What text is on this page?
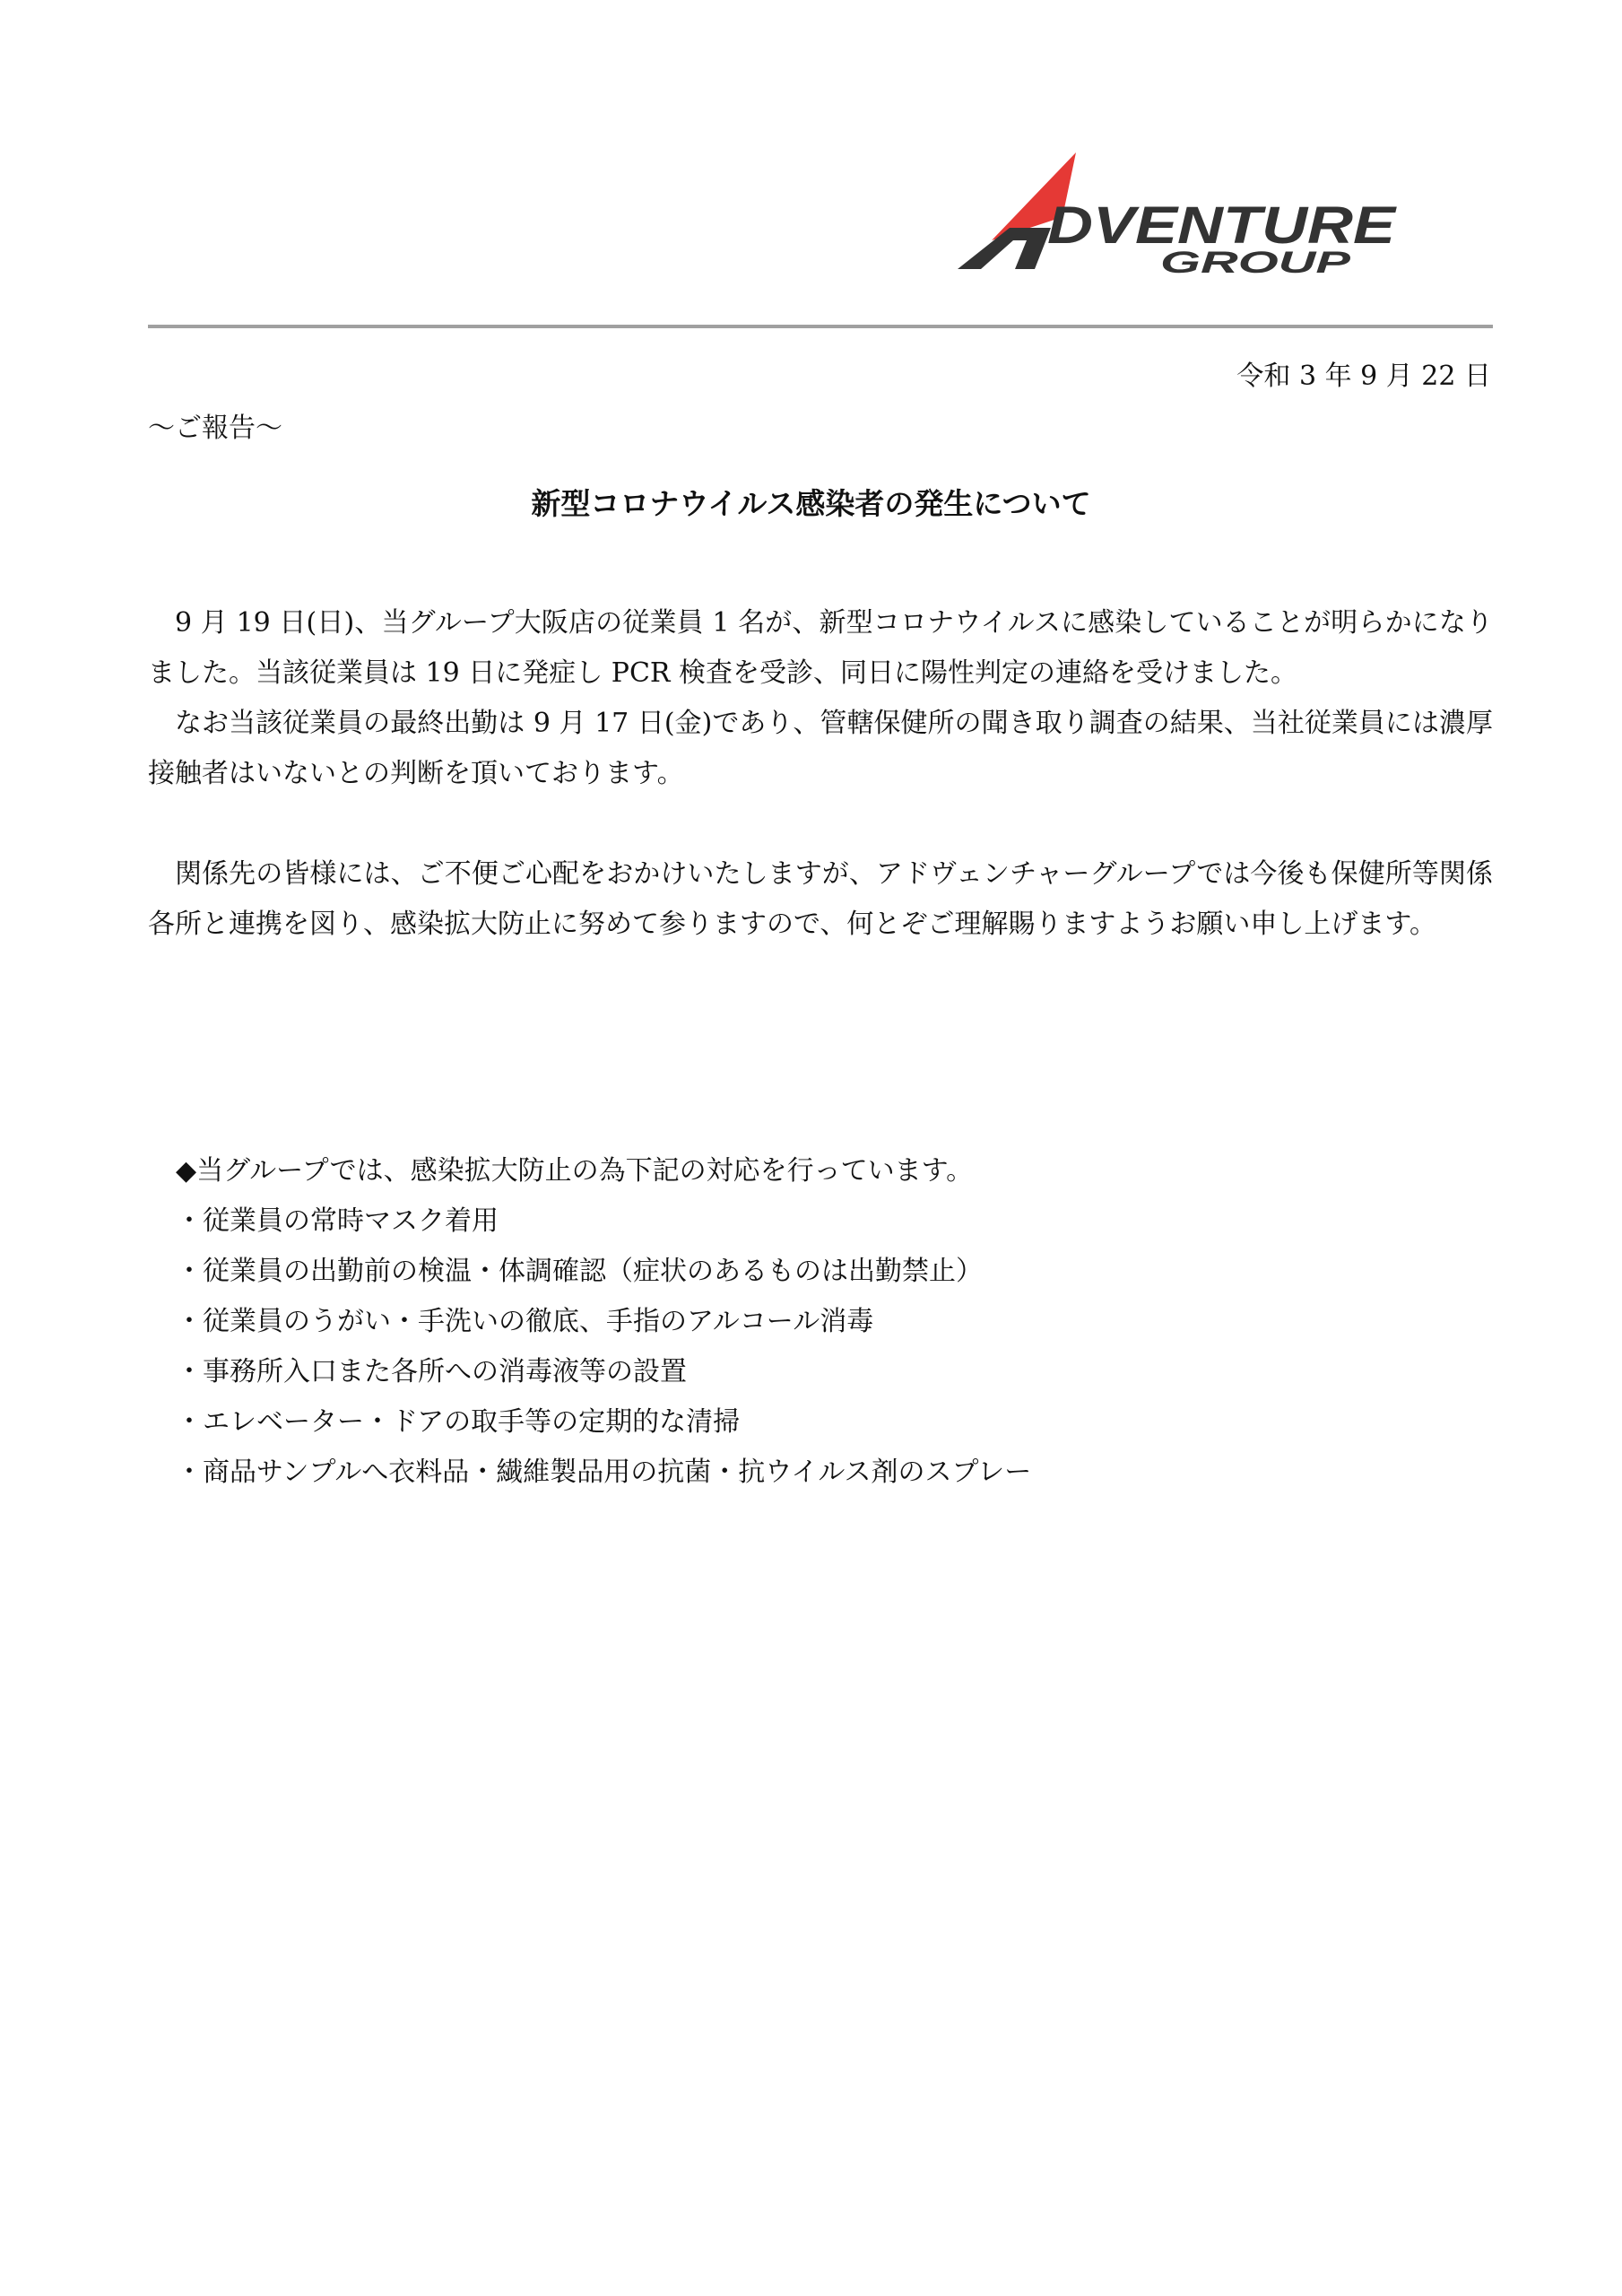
DVENTURE
GROUP
令和 3 年 9 月 22 日
〜ご報告〜
新型コロナウイルス感染者の発生について

9 月 19 日(日)、当グループ大阪店の従業員 1 名が、新型コロナウイルスに感染していることが明らかになりました。当該従業員は 19 日に発症し PCR 検査を受診、同日に陽性判定の連絡を受けました。

なお当該従業員の最終出勤は 9 月 17 日(金)であり、管轄保健所の聞き取り調査の結果、当社従業員には濃厚接触者はいないとの判断を頂いております。

関係先の皆様には、ご不便ご心配をおかけいたしますが、アドヴェンチャーグループでは今後も保健所等関係各所と連携を図り、感染拡大防止に努めて参りますので、何とぞご理解賜りますようお願い申し上げます。

◆当グループでは、感染拡大防止の為下記の対応を行っています。
・従業員の常時マスク着用
・従業員の出勤前の検温・体調確認（症状のあるものは出勤禁止）
・従業員のうがい・手洗いの徹底、手指のアルコール消毒
・事務所入口また各所への消毒液等の設置
・エレベーター・ドアの取手等の定期的な清掃
・商品サンプルへ衣料品・繊維製品用の抗菌・抗ウイルス剤のスプレー
